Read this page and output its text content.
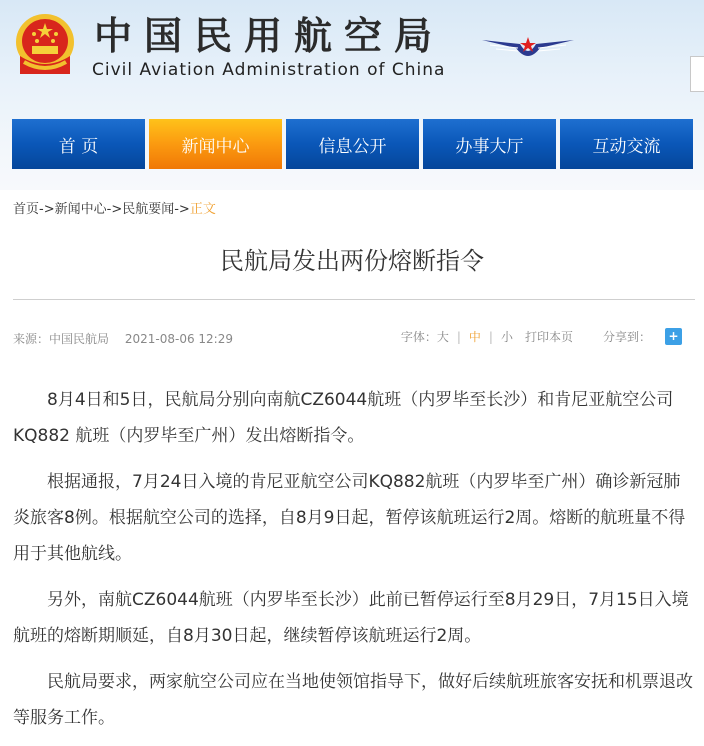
中国民用航空局
Civil Aviation Administration of China
首 页	新闻中心	信息公开	办事大厅	互动交流
首页->新闻中心->民航要闻->正文
民航局发出两份熔断指令
来源：中国民航局 2021-08-06 12:29	字体： 大 | 中 | 小 打印本页	分享到： +

8月4日和5日，民航局分别向南航CZ6044航班（内罗毕至长沙）和肯尼亚航空公司KQ882 航班（内罗毕至广州）发出熔断指令。

根据通报，7月24日入境的肯尼亚航空公司KQ882航班（内罗毕至广州）确诊新冠肺炎旅客8例。根据航空公司的选择，自8月9日起，暂停该航班运行2周。熔断的航班量不得用于其他航线。

另外，南航CZ6044航班（内罗毕至长沙）此前已暂停运行至8月29日，7月15日入境航班的熔断期顺延，自8月30日起，继续暂停该航班运行2周。

民航局要求，两家航空公司应在当地使领馆指导下，做好后续航班旅客安抚和机票退改等服务工作。
